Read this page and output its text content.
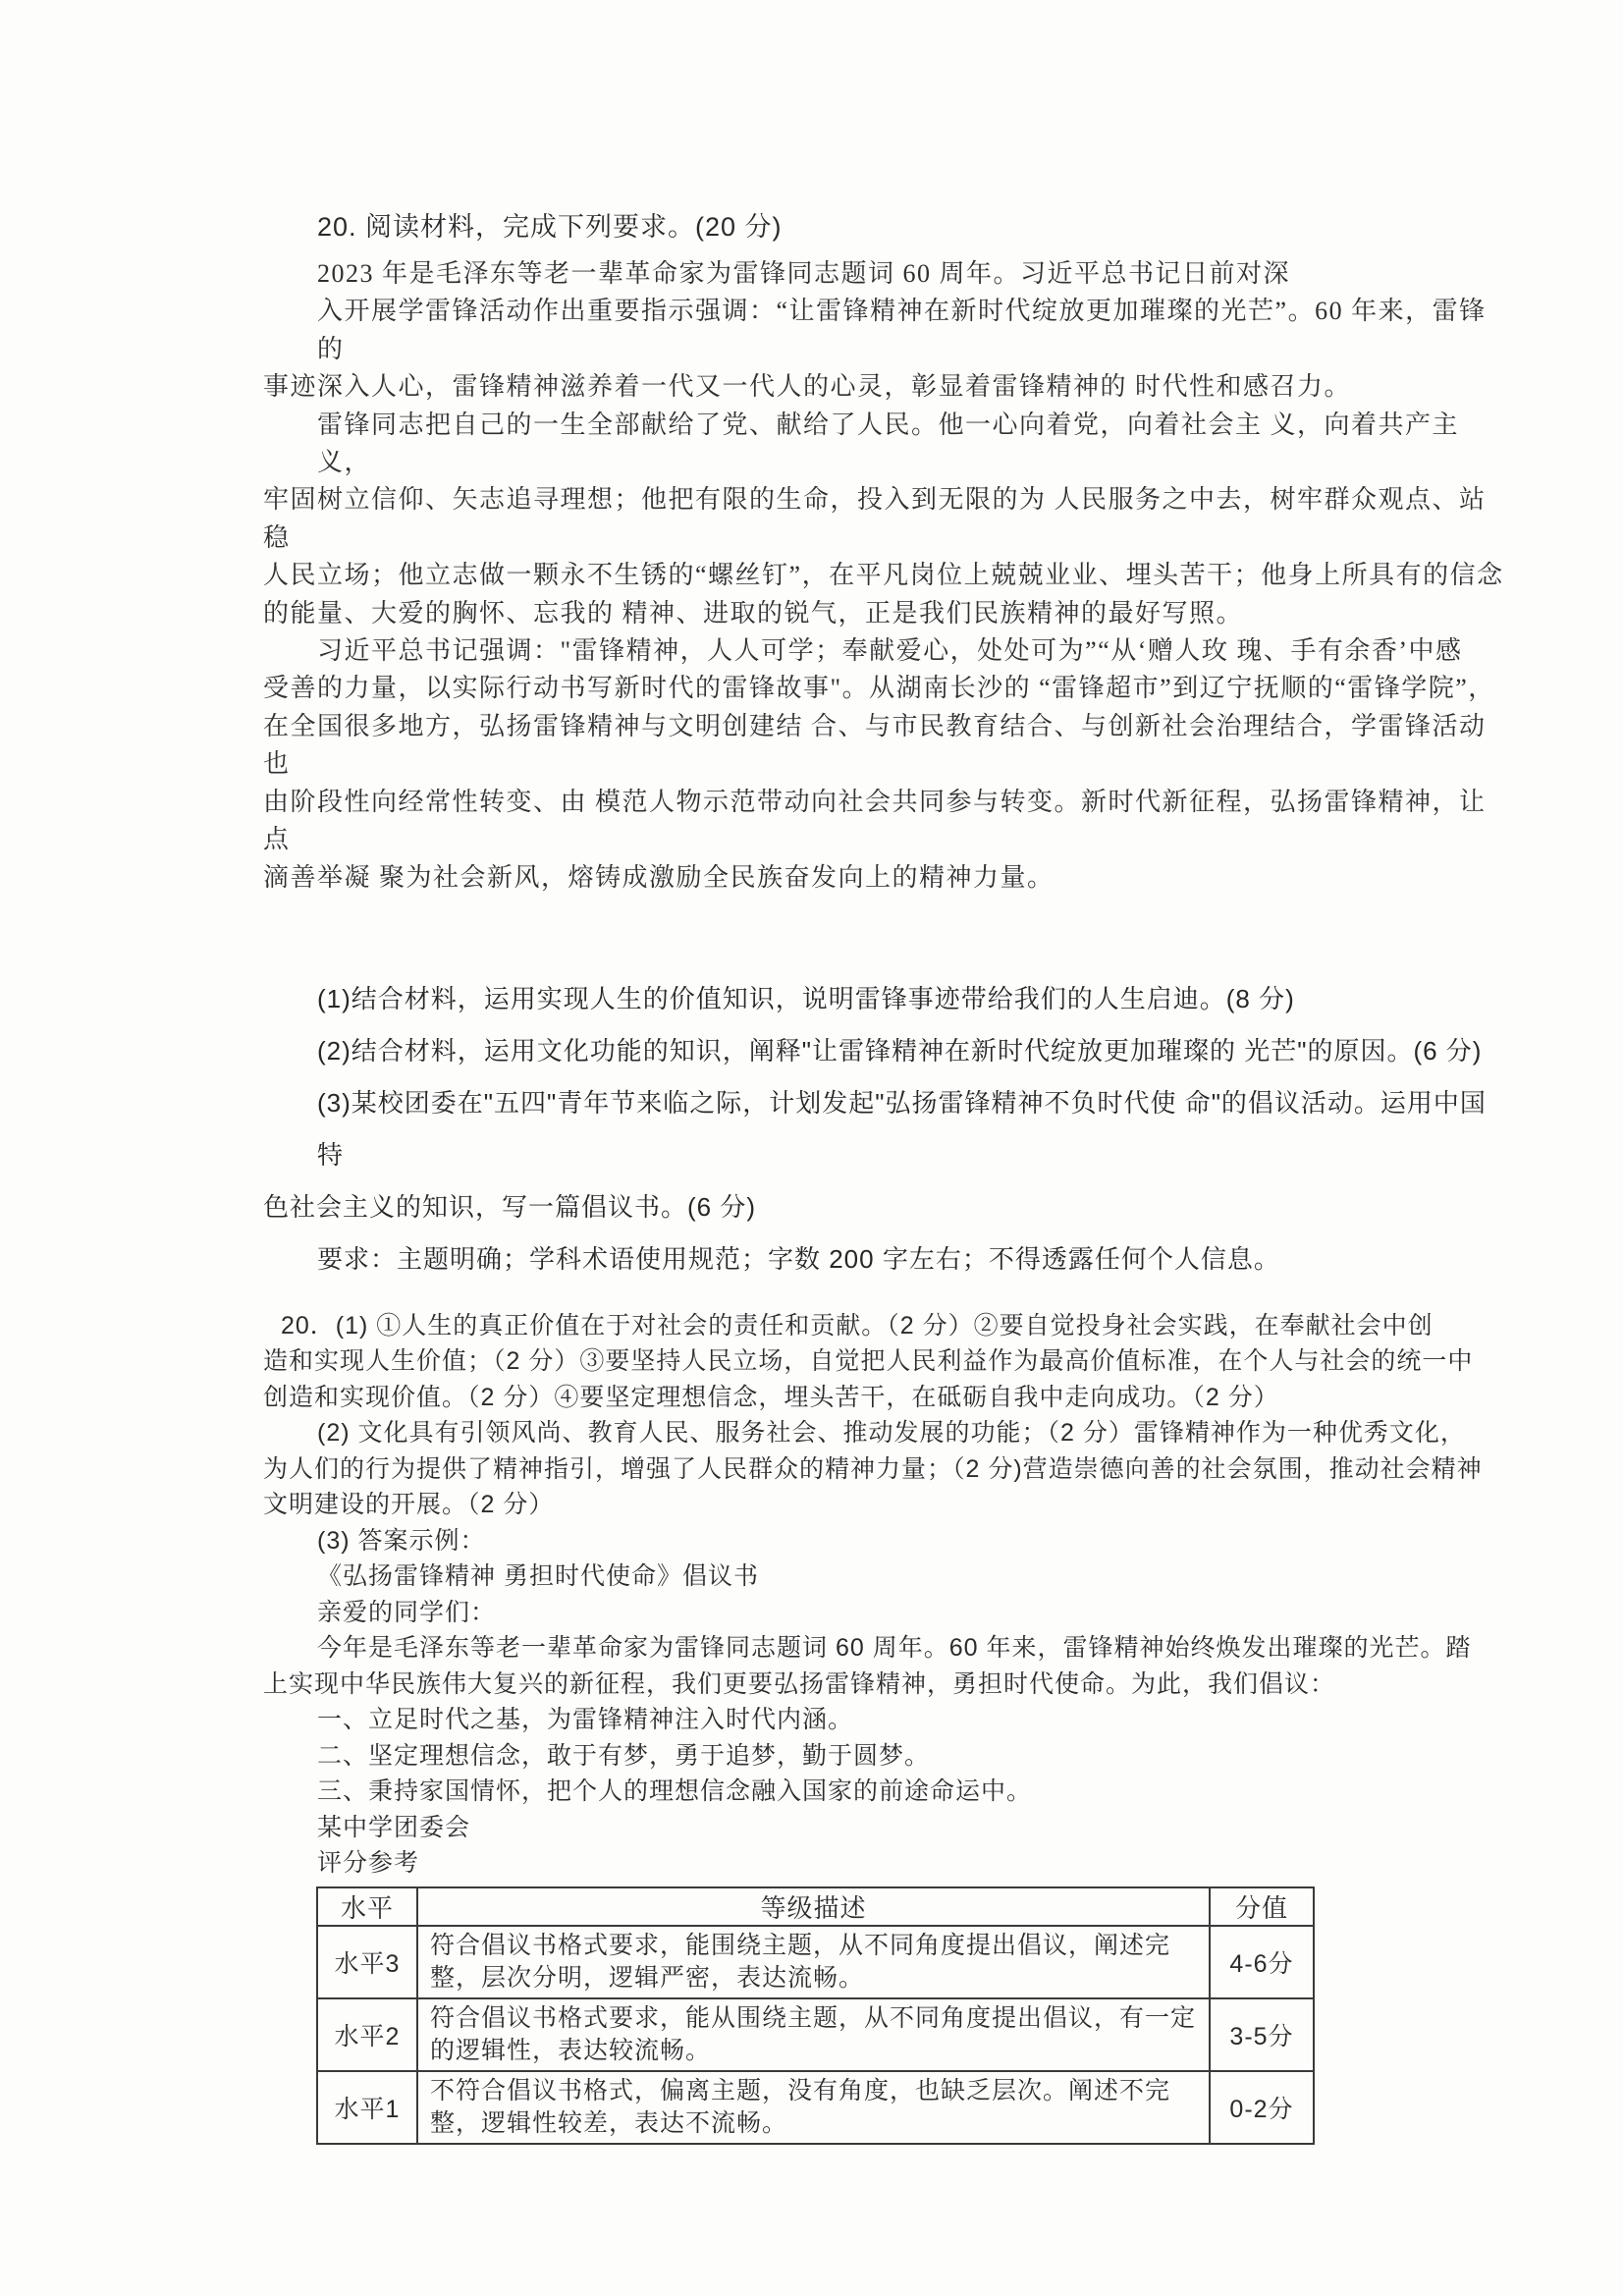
20. 阅读材料，完成下列要求。(20 分)
2023 年是毛泽东等老一辈革命家为雷锋同志题词 60 周年。习近平总书记日前对深
入开展学雷锋活动作出重要指示强调：“让雷锋精神在新时代绽放更加璀璨的光芒”。60 年来，雷锋的
事迹深入人心，雷锋精神滋养着一代又一代人的心灵，彰显着雷锋精神的 时代性和感召力。
雷锋同志把自己的一生全部献给了党、献给了人民。他一心向着党，向着社会主 义，向着共产主义，
牢固树立信仰、矢志追寻理想；他把有限的生命，投入到无限的为 人民服务之中去，树牢群众观点、站稳
人民立场；他立志做一颗永不生锈的“螺丝钉”，在平凡岗位上兢兢业业、埋头苦干；他身上所具有的信念
的能量、大爱的胸怀、忘我的 精神、进取的锐气，正是我们民族精神的最好写照。
习近平总书记强调："雷锋精神，人人可学；奉献爱心，处处可为”“从‘赠人玫 瑰、手有余香’中感
受善的力量，以实际行动书写新时代的雷锋故事"。从湖南长沙的 “雷锋超市”到辽宁抚顺的“雷锋学院”，
在全国很多地方，弘扬雷锋精神与文明创建结 合、与市民教育结合、与创新社会治理结合，学雷锋活动也
由阶段性向经常性转变、由 模范人物示范带动向社会共同参与转变。新时代新征程，弘扬雷锋精神，让点
滴善举凝 聚为社会新风，熔铸成激励全民族奋发向上的精神力量。
(1)结合材料，运用实现人生的价值知识，说明雷锋事迹带给我们的人生启迪。(8 分)
(2)结合材料，运用文化功能的知识，阐释"让雷锋精神在新时代绽放更加璀璨的 光芒"的原因。(6 分)
(3)某校团委在"五四"青年节来临之际，计划发起"弘扬雷锋精神不负时代使 命"的倡议活动。运用中国特
色社会主义的知识，写一篇倡议书。(6 分)
要求：主题明确；学科术语使用规范；字数 200 字左右；不得透露任何个人信息。
20．(1) ①人生的真正价值在于对社会的责任和贡献。（2 分）②要自觉投身社会实践，在奉献社会中创
造和实现人生价值；（2 分）③要坚持人民立场，自觉把人民利益作为最高价值标准，在个人与社会的统一中
创造和实现价值。（2 分）④要坚定理想信念，埋头苦干，在砥砺自我中走向成功。（2 分）
(2) 文化具有引领风尚、教育人民、服务社会、推动发展的功能；（2 分）雷锋精神作为一种优秀文化，
为人们的行为提供了精神指引，增强了人民群众的精神力量；（2 分)营造崇德向善的社会氛围，推动社会精神
文明建设的开展。（2 分）
(3) 答案示例：
《弘扬雷锋精神 勇担时代使命》倡议书
亲爱的同学们：
今年是毛泽东等老一辈革命家为雷锋同志题词 60 周年。60 年来，雷锋精神始终焕发出璀璨的光芒。踏
上实现中华民族伟大复兴的新征程，我们更要弘扬雷锋精神，勇担时代使命。为此，我们倡议：
一、立足时代之基，为雷锋精神注入时代内涵。
二、坚定理想信念，敢于有梦，勇于追梦，勤于圆梦。
三、秉持家国情怀，把个人的理想信念融入国家的前途命运中。
某中学团委会
评分参考
水平	等级描述	分值
水平3	符合倡议书格式要求，能围绕主题，从不同角度提出倡议，阐述完整，层次分明，逻辑严密，表达流畅。	4-6分
水平2	符合倡议书格式要求，能从围绕主题，从不同角度提出倡议，有一定的逻辑性，表达较流畅。	3-5分
水平1	不符合倡议书格式，偏离主题，没有角度，也缺乏层次。阐述不完整，逻辑性较差，表达不流畅。	0-2分
